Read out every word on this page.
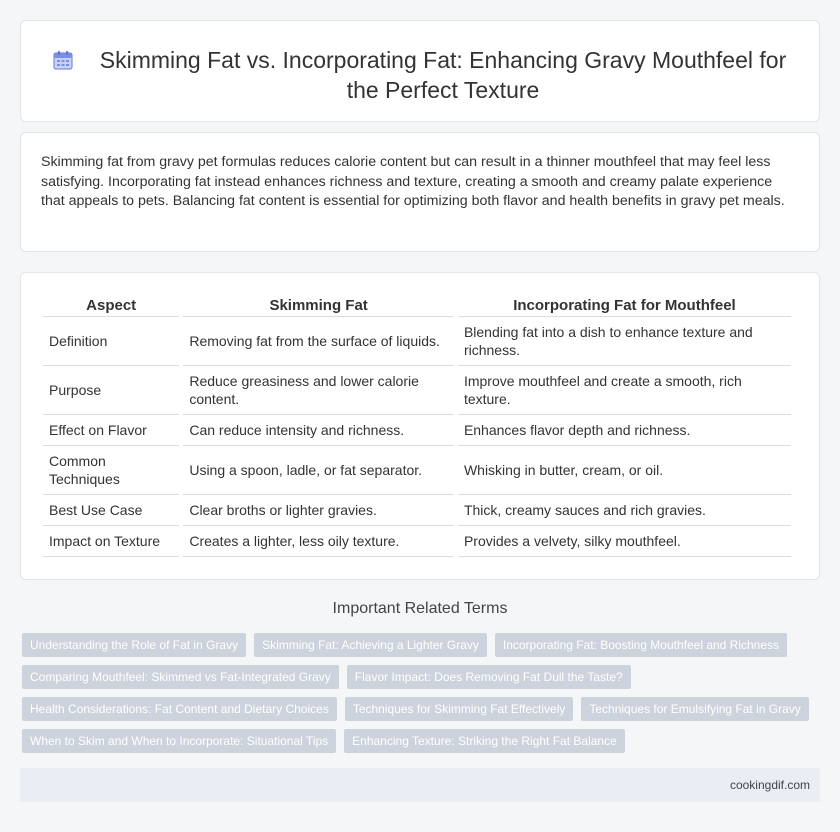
Skimming Fat vs. Incorporating Fat: Enhancing Gravy Mouthfeel for the Perfect Texture

Skimming fat from gravy pet formulas reduces calorie content but can result in a thinner mouthfeel that may feel less satisfying. Incorporating fat instead enhances richness and texture, creating a smooth and creamy palate experience that appeals to pets. Balancing fat content is essential for optimizing both flavor and health benefits in gravy pet meals.

Aspect	Skimming Fat	Incorporating Fat for Mouthfeel
Definition	Removing fat from the surface of liquids.	Blending fat into a dish to enhance texture and richness.
Purpose	Reduce greasiness and lower calorie content.	Improve mouthfeel and create a smooth, rich texture.
Effect on Flavor	Can reduce intensity and richness.	Enhances flavor depth and richness.
Common Techniques	Using a spoon, ladle, or fat separator.	Whisking in butter, cream, or oil.
Best Use Case	Clear broths or lighter gravies.	Thick, creamy sauces and rich gravies.
Impact on Texture	Creates a lighter, less oily texture.	Provides a velvety, silky mouthfeel.
Important Related Terms
Understanding the Role of Fat in Gravy	Skimming Fat: Achieving a Lighter Gravy	Incorporating Fat: Boosting Mouthfeel and Richness
Comparing Mouthfeel: Skimmed vs Fat-Integrated Gravy	Flavor Impact: Does Removing Fat Dull the Taste?
Health Considerations: Fat Content and Dietary Choices	Techniques for Skimming Fat Effectively	Techniques for Emulsifying Fat in Gravy
When to Skim and When to Incorporate: Situational Tips	Enhancing Texture: Striking the Right Fat Balance
cookingdif.com
